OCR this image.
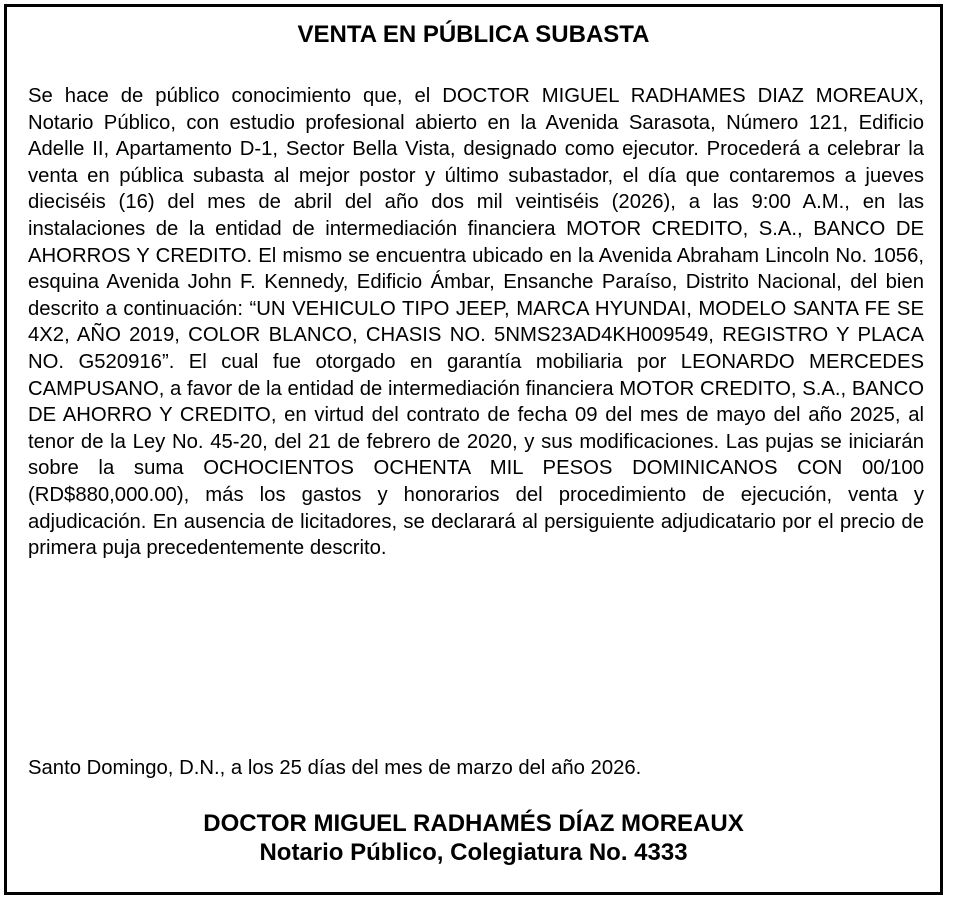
VENTA EN PÚBLICA SUBASTA

Se hace de público conocimiento que, el DOCTOR MIGUEL RADHAMES DIAZ MOREAUX, Notario Público, con estudio profesional abierto en la Avenida Sarasota, Número 121, Edificio Adelle II, Apartamento D-1, Sector Bella Vista, designado como ejecutor. Procederá a celebrar la venta en pública subasta al mejor postor y último subastador, el día que contaremos a jueves dieciséis (16) del mes de abril del año dos mil veintiséis (2026), a las 9:00 A.M., en las instalaciones de la entidad de intermediación financiera MOTOR CREDITO, S.A., BANCO DE AHORROS Y CREDITO. El mismo se encuentra ubicado en la Avenida Abraham Lincoln No. 1056, esquina Avenida John F. Kennedy, Edificio Ámbar, Ensanche Paraíso, Distrito Nacional, del bien descrito a continuación: “UN VEHICULO TIPO JEEP, MARCA HYUNDAI, MODELO SANTA FE SE 4X2, AÑO 2019, COLOR BLANCO, CHASIS NO. 5NMS23AD4KH009549, REGISTRO Y PLACA NO. G520916”. El cual fue otorgado en garantía mobiliaria por LEONARDO MERCEDES CAMPUSANO, a favor de la entidad de intermediación financiera MOTOR CREDITO, S.A., BANCO DE AHORRO Y CREDITO, en virtud del contrato de fecha 09 del mes de mayo del año 2025, al tenor de la Ley No. 45-20, del 21 de febrero de 2020, y sus modificaciones. Las pujas se iniciarán sobre la suma OCHOCIENTOS OCHENTA MIL PESOS DOMINICANOS CON 00/100 (RD$880,000.00), más los gastos y honorarios del procedimiento de ejecución, venta y adjudicación. En ausencia de licitadores, se declarará al persiguiente adjudicatario por el precio de primera puja precedentemente descrito.

Santo Domingo, D.N., a los 25 días del mes de marzo del año 2026.

DOCTOR MIGUEL RADHAMÉS DÍAZ MOREAUX

Notario Público, Colegiatura No. 4333
